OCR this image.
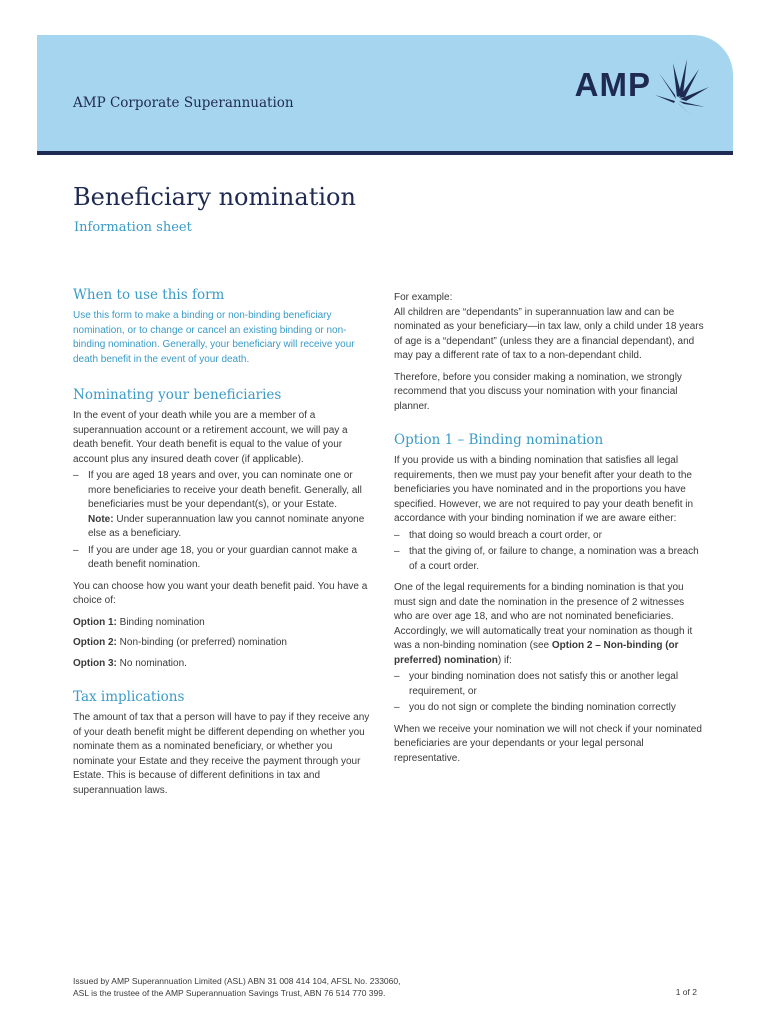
AMP Corporate Superannuation	AMP
Beneficiary nomination
Information sheet
When to use this form

Use this form to make a binding or non-binding beneficiary nomination, or to change or cancel an existing binding or non-binding nomination. Generally, your beneficiary will receive your death benefit in the event of your death.

Nominating your beneficiaries

In the event of your death while you are a member of a superannuation account or a retirement account, we will pay a death benefit. Your death benefit is equal to the value of your account plus any insured death cover (if applicable).

– If you are aged 18 years and over, you can nominate one or more beneficiaries to receive your death benefit. Generally, all beneficiaries must be your dependant(s), or your Estate.
Note: Under superannuation law you cannot nominate anyone else as a beneficiary.
– If you are under age 18, you or your guardian cannot make a death benefit nomination.

You can choose how you want your death benefit paid. You have a choice of:

Option 1: Binding nomination

Option 2: Non-binding (or preferred) nomination

Option 3: No nomination.

Tax implications

The amount of tax that a person will have to pay if they receive any of your death benefit might be different depending on whether you nominate them as a nominated beneficiary, or whether you nominate your Estate and they receive the payment through your Estate. This is because of different definitions in tax and superannuation laws.

For example:

All children are “dependants” in superannuation law and can be nominated as your beneficiary—in tax law, only a child under 18 years of age is a “dependant” (unless they are a financial dependant), and may pay a different rate of tax to a non-dependant child.

Therefore, before you consider making a nomination, we strongly recommend that you discuss your nomination with your financial planner.

Option 1 – Binding nomination

If you provide us with a binding nomination that satisfies all legal requirements, then we must pay your benefit after your death to the beneficiaries you have nominated and in the proportions you have specified. However, we are not required to pay your death benefit in accordance with your binding nomination if we are aware either:

– that doing so would breach a court order, or
– that the giving of, or failure to change, a nomination was a breach of a court order.

One of the legal requirements for a binding nomination is that you must sign and date the nomination in the presence of 2 witnesses who are over age 18, and who are not nominated beneficiaries. Accordingly, we will automatically treat your nomination as though it was a non-binding nomination (see Option 2 – Non-binding (or preferred) nomination) if:

– your binding nomination does not satisfy this or another legal requirement, or
– you do not sign or complete the binding nomination correctly

When we receive your nomination we will not check if your nominated beneficiaries are your dependants or your legal personal representative.

Issued by AMP Superannuation Limited (ASL) ABN 31 008 414 104, AFSL No. 233060,
ASL is the trustee of the AMP Superannuation Savings Trust, ABN 76 514 770 399.	1 of 2
